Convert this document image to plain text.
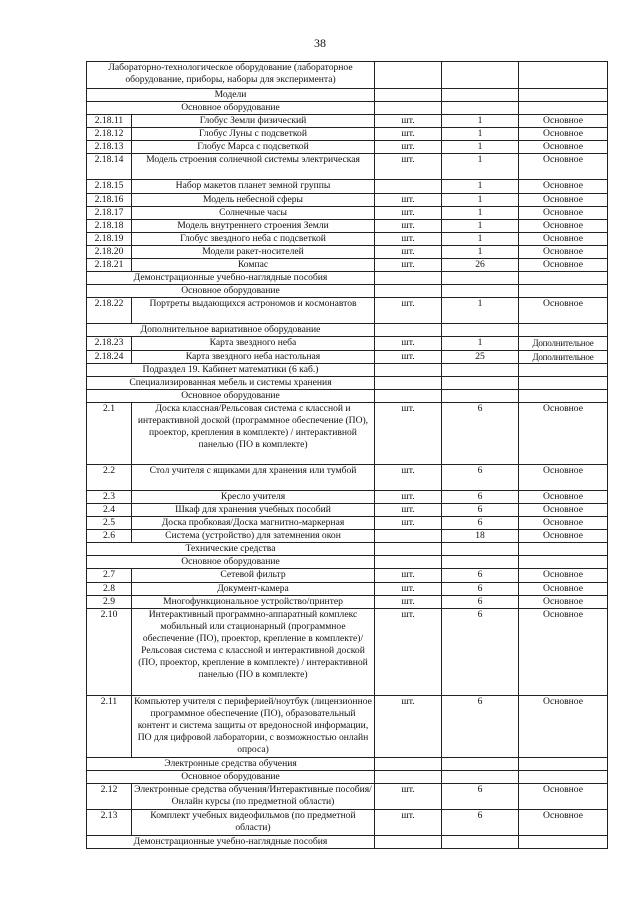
38

Лабораторно-технологическое оборудование (лабораторное оборудование, приборы, наборы для эксперимента)				
Модели				
Основное оборудование				
2.18.11	Глобус Земли физический	шт.	1	Основное
2.18.12	Глобус Луны с подсветкой	шт.	1	Основное
2.18.13	Глобус Марса с подсветкой	шт.	1	Основное
2.18.14	Модель строения солнечной системы электрическая	шт.	1	Основное
2.18.15	Набор макетов планет земной группы		1	Основное
2.18.16	Модель небесной сферы	шт.	1	Основное
2.18.17	Солнечные часы	шт.	1	Основное
2.18.18	Модель внутреннего строения Земли	шт.	1	Основное
2.18.19	Глобус звездного неба с подсветкой	шт.	1	Основное
2.18.20	Модели ракет-носителей	шт.	1	Основное
2.18.21	Компас	шт.	26	Основное
Демонстрационные учебно-наглядные пособия				
Основное оборудование				
2.18.22	Портреты выдающихся астрономов и космонавтов	шт.	1	Основное
Дополнительное вариативное оборудование				
2.18.23	Карта звездного неба	шт.	1	Дополнительное
2.18.24	Карта звездного неба настольная	шт.	25	Дополнительное
Подраздел 19. Кабинет математики (6 каб.)				
Специализированная мебель и системы хранения				
Основное оборудование				
2.1	Доска классная/Рельсовая система с классной и интерактивной доской (программное обеспечение (ПО), проектор, крепления в комплекте) / интерактивной панелью (ПО в комплекте)	шт.	6	Основное
2.2	Стол учителя с ящиками для хранения или тумбой	шт.	6	Основное
2.3	Кресло учителя	шт.	6	Основное
2.4	Шкаф для хранения учебных пособий	шт.	6	Основное
2.5	Доска пробковая/Доска магнитно-маркерная	шт.	6	Основное
2.6	Система (устройство) для затемнения окон		18	Основное
Технические средства				
Основное оборудование				
2.7	Сетевой фильтр	шт.	6	Основное
2.8	Документ-камера	шт.	6	Основное
2.9	Многофункциональное устройство/принтер	шт.	6	Основное
2.10	Интерактивный программно-аппаратный комплекс мобильный или стационарный (программное обеспечение (ПО), проектор, крепление в комплекте)/Рельсовая система с классной и интерактивной доской (ПО, проектор, крепление в комплекте) / интерактивной панелью (ПО в комплекте)	шт.	6	Основное
2.11	Компьютер учителя с периферией/ноутбук (лицензионное программное обеспечение (ПО), образовательный контент и система защиты от вредоносной информации, ПО для цифровой лаборатории, с возможностью онлайн опроса)	шт.	6	Основное
Электронные средства обучения				
Основное оборудование				
2.12	Электронные средства обучения/Интерактивные пособия/Онлайн курсы (по предметной области)	шт.	6	Основное
2.13	Комплект учебных видеофильмов (по предметной области)	шт.	6	Основное
Демонстрационные учебно-наглядные пособия				
